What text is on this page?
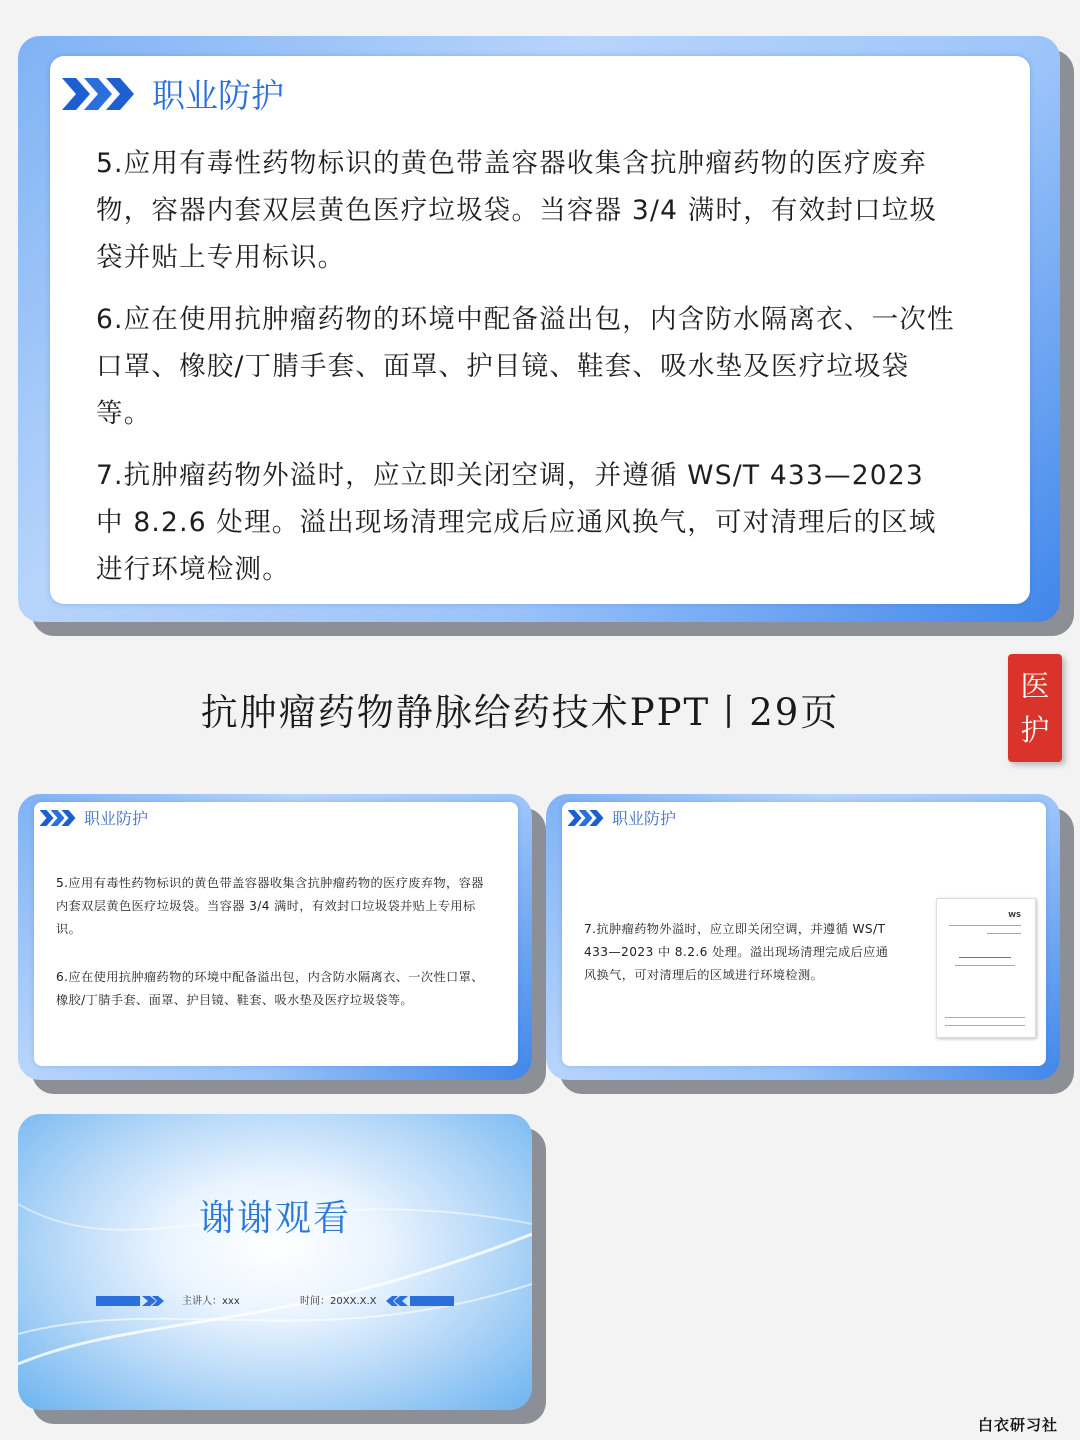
职业防护

5.应用有毒性药物标识的黄色带盖容器收集含抗肿瘤药物的医疗废弃物，容器内套双层黄色医疗垃圾袋。当容器 3/4 满时，有效封口垃圾袋并贴上专用标识。

6.应在使用抗肿瘤药物的环境中配备溢出包，内含防水隔离衣、一次性口罩、橡胶/丁腈手套、面罩、护目镜、鞋套、吸水垫及医疗垃圾袋等。

7.抗肿瘤药物外溢时，应立即关闭空调，并遵循 WS/T 433—2023 中 8.2.6 处理。溢出现场清理完成后应通风换气，可对清理后的区域进行环境检测。

抗肿瘤药物静脉给药技术PPT丨29页
医
护
职业防护

5.应用有毒性药物标识的黄色带盖容器收集含抗肿瘤药物的医疗废弃物，容器内套双层黄色医疗垃圾袋。当容器 3/4 满时，有效封口垃圾袋并贴上专用标识。

6.应在使用抗肿瘤药物的环境中配备溢出包，内含防水隔离衣、一次性口罩、橡胶/丁腈手套、面罩、护目镜、鞋套、吸水垫及医疗垃圾袋等。

职业防护

7.抗肿瘤药物外溢时，应立即关闭空调，并遵循 WS/T 433—2023 中 8.2.6 处理。溢出现场清理完成后应通风换气，可对清理后的区域进行环境检测。

WS
谢谢观看
主讲人：xxx	时间：20XX.X.X
白衣研习社
